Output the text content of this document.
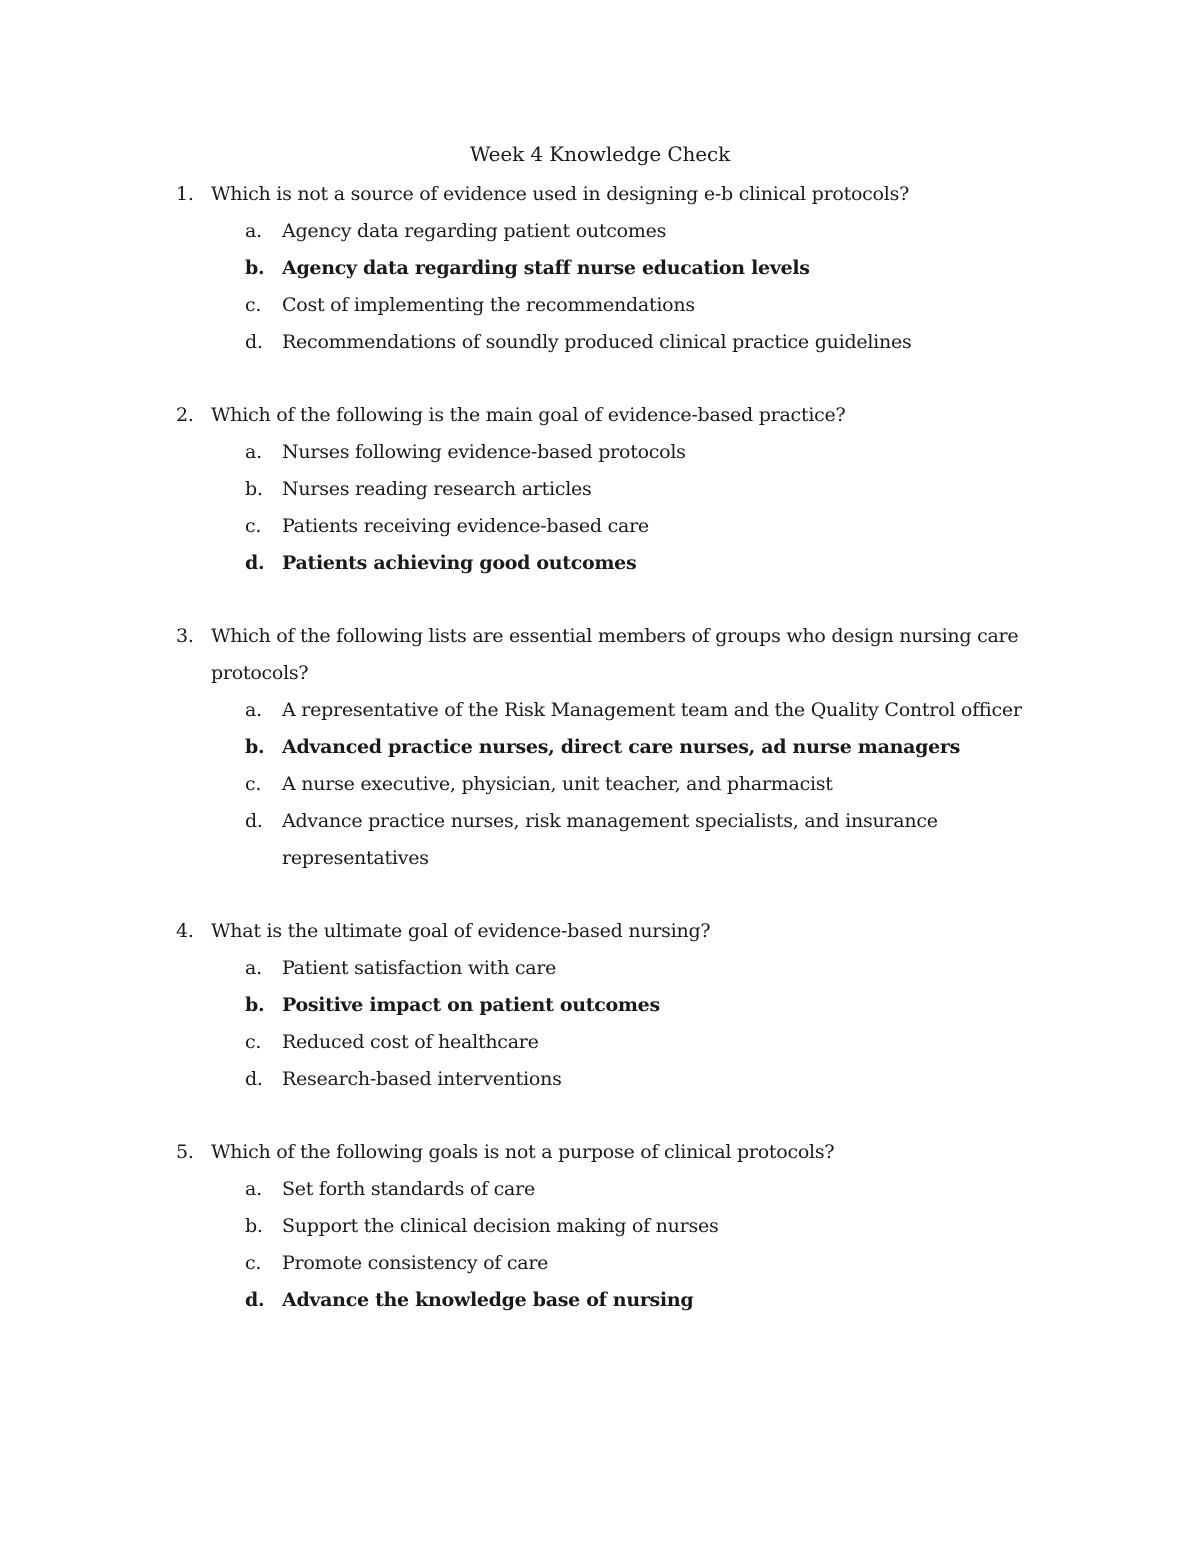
Week 4 Knowledge Check
1. Which is not a source of evidence used in designing e-b clinical protocols?
a. Agency data regarding patient outcomes
b. Agency data regarding staff nurse education levels
c. Cost of implementing the recommendations
d. Recommendations of soundly produced clinical practice guidelines
2. Which of the following is the main goal of evidence-based practice?
a. Nurses following evidence-based protocols
b. Nurses reading research articles
c. Patients receiving evidence-based care
d. Patients achieving good outcomes
3. Which of the following lists are essential members of groups who design nursing care protocols?
a. A representative of the Risk Management team and the Quality Control officer
b. Advanced practice nurses, direct care nurses, ad nurse managers
c. A nurse executive, physician, unit teacher, and pharmacist
d. Advance practice nurses, risk management specialists, and insurance representatives
4. What is the ultimate goal of evidence-based nursing?
a. Patient satisfaction with care
b. Positive impact on patient outcomes
c. Reduced cost of healthcare
d. Research-based interventions
5. Which of the following goals is not a purpose of clinical protocols?
a. Set forth standards of care
b. Support the clinical decision making of nurses
c. Promote consistency of care
d. Advance the knowledge base of nursing
